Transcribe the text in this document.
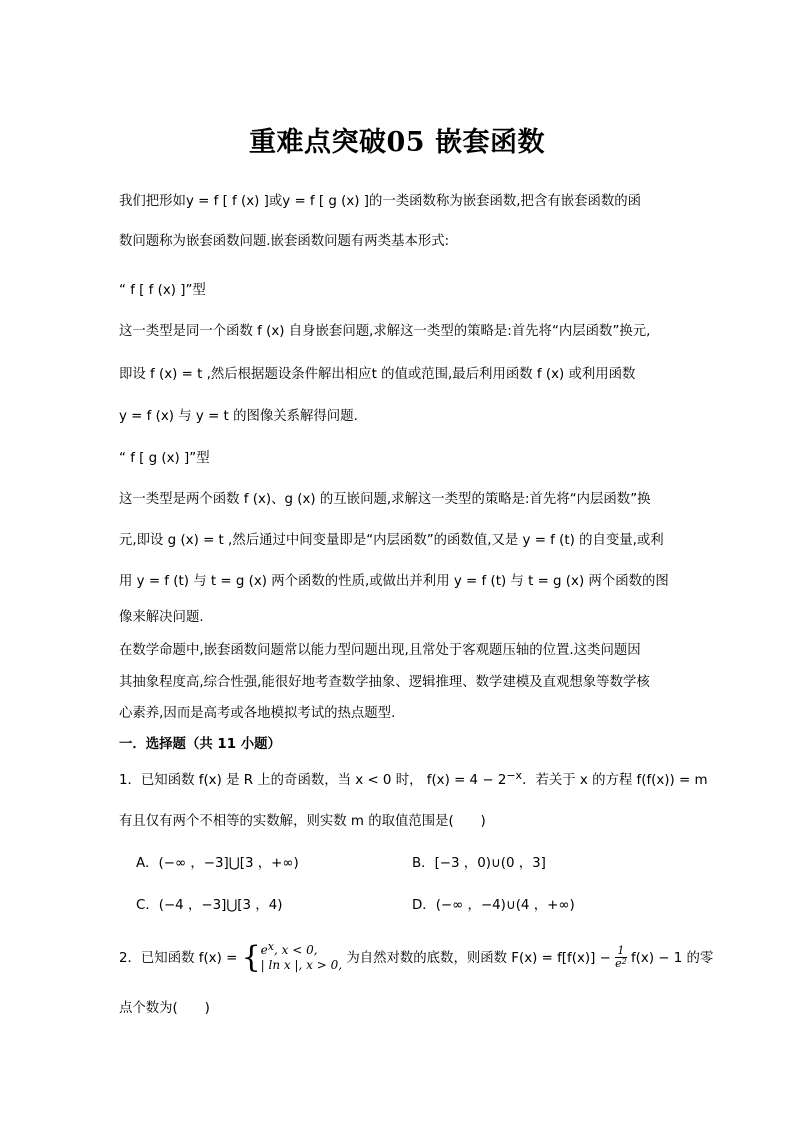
重难点突破05 嵌套函数
我们把形如y = f [ f (x) ]或y = f [ g (x) ]的一类函数称为嵌套函数,把含有嵌套函数的函
数问题称为嵌套函数问题.嵌套函数问题有两类基本形式:
“ f [ f (x) ]”型
这一类型是同一个函数 f (x) 自身嵌套问题,求解这一类型的策略是:首先将“内层函数”换元,
即设 f (x) = t ,然后根据题设条件解出相应t 的值或范围,最后利用函数 f (x) 或利用函数
y = f (x) 与 y = t 的图像关系解得问题.
“ f [ g (x) ]”型
这一类型是两个函数 f (x)、g (x) 的互嵌问题,求解这一类型的策略是:首先将“内层函数”换
元,即设 g (x) = t ,然后通过中间变量即是“内层函数”的函数值,又是 y = f (t) 的自变量,或利
用 y = f (t) 与 t = g (x) 两个函数的性质,或做出并利用 y = f (t) 与 t = g (x) 两个函数的图
像来解决问题.
在数学命题中,嵌套函数问题常以能力型问题出现,且常处于客观题压轴的位置.这类问题因
其抽象程度高,综合性强,能很好地考查数学抽象、逻辑推理、数学建模及直观想象等数学核
心素养,因而是高考或各地模拟考试的热点题型.
一．选择题（共 11 小题）
1．已知函数 f(x) 是 R 上的奇函数，当 x < 0 时， $f(x) = 4 - 2^{-x}$．若关于 x 的方程 f(f(x)) = m
有且仅有两个不相等的实数解，则实数 m 的取值范围是(　　)
A．(−∞ ，−3]⋃[3 ，+∞)	B．[−3 ，0)∪(0 ，3]
C．(−4 ，−3]⋃[3 ，4)	D．(−∞ ，−4)∪(4 ，+∞)
2．已知函数 f(x) = { ex, x < 0,
| ln x |, x > 0, 为自然对数的底数，则函数 $F(x) = f[f(x)] - \frac{1}{e^2} f(x) - 1$ 的零
点个数为(　　)
